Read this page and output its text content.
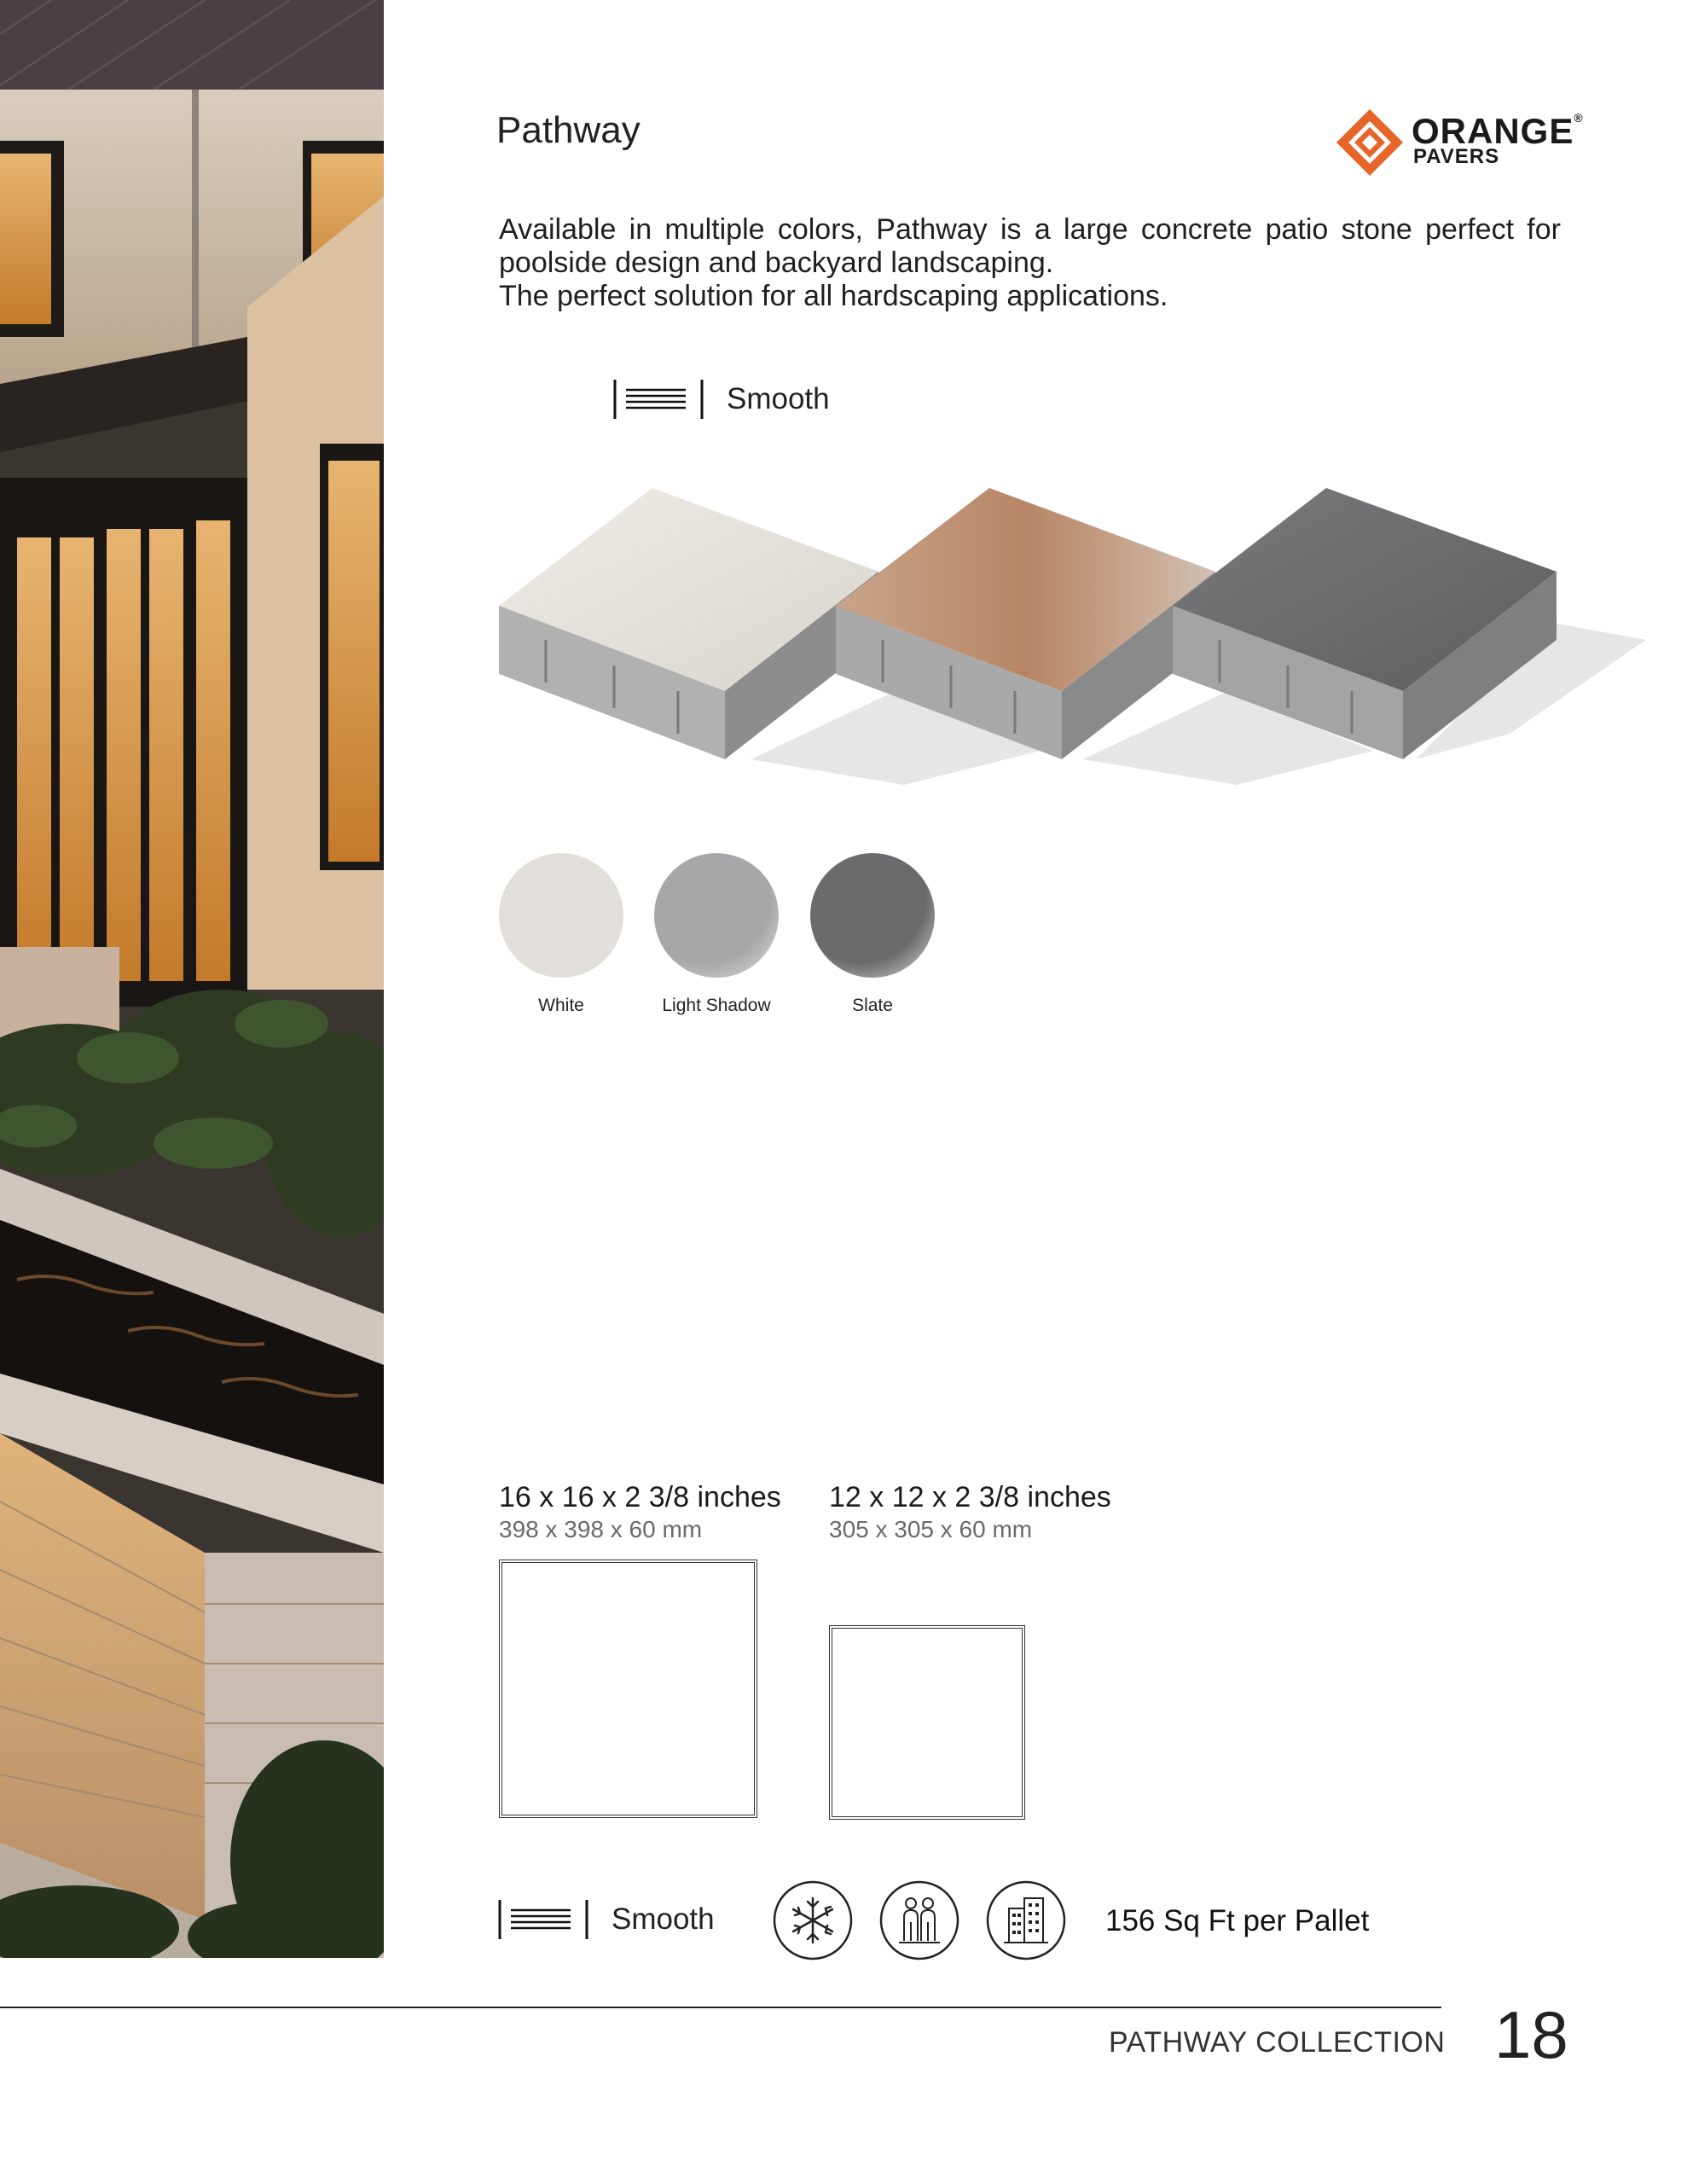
Pathway	ORANGE®
PAVERS

Available in multiple colors, Pathway is a large concrete patio stone perfect for

poolside design and backyard landscaping.

The perfect solution for all hardscaping applications.

Smooth
White	Light Shadow	Slate
16 x 16 x 2 3/8 inches
398 x 398 x 60 mm
12 x 12 x 2 3/8 inches
305 x 305 x 60 mm
Smooth	156 Sq Ft per Pallet
PATHWAY COLLECTION 18
